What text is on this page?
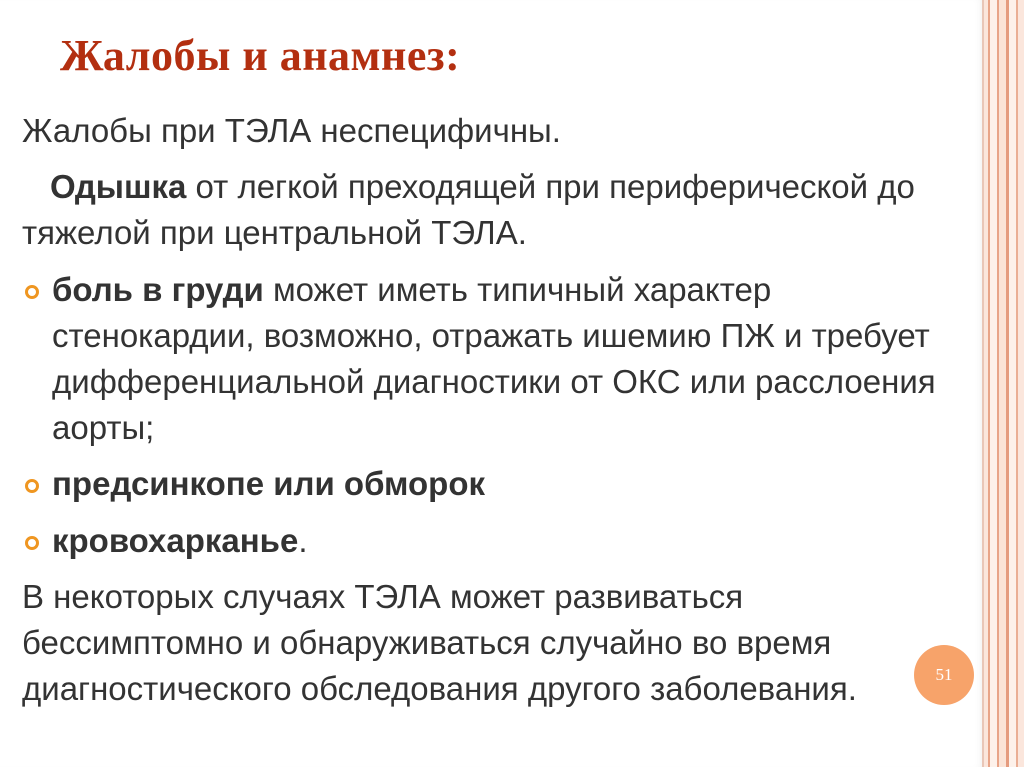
Жалобы и анамнез:

Жалобы при ТЭЛА неспецифичны.

Одышка от легкой преходящей при периферической до тяжелой при центральной ТЭЛА.

боль в груди может иметь типичный характер стенокардии, возможно, отражать ишемию ПЖ и требует дифференциальной диагностики от ОКС или расслоения аорты;
предсинкопе или обморок
кровохарканье.

В некоторых случаях ТЭЛА может развиваться бессимптомно и обнаруживаться случайно во время диагностического обследования другого заболевания.	51
